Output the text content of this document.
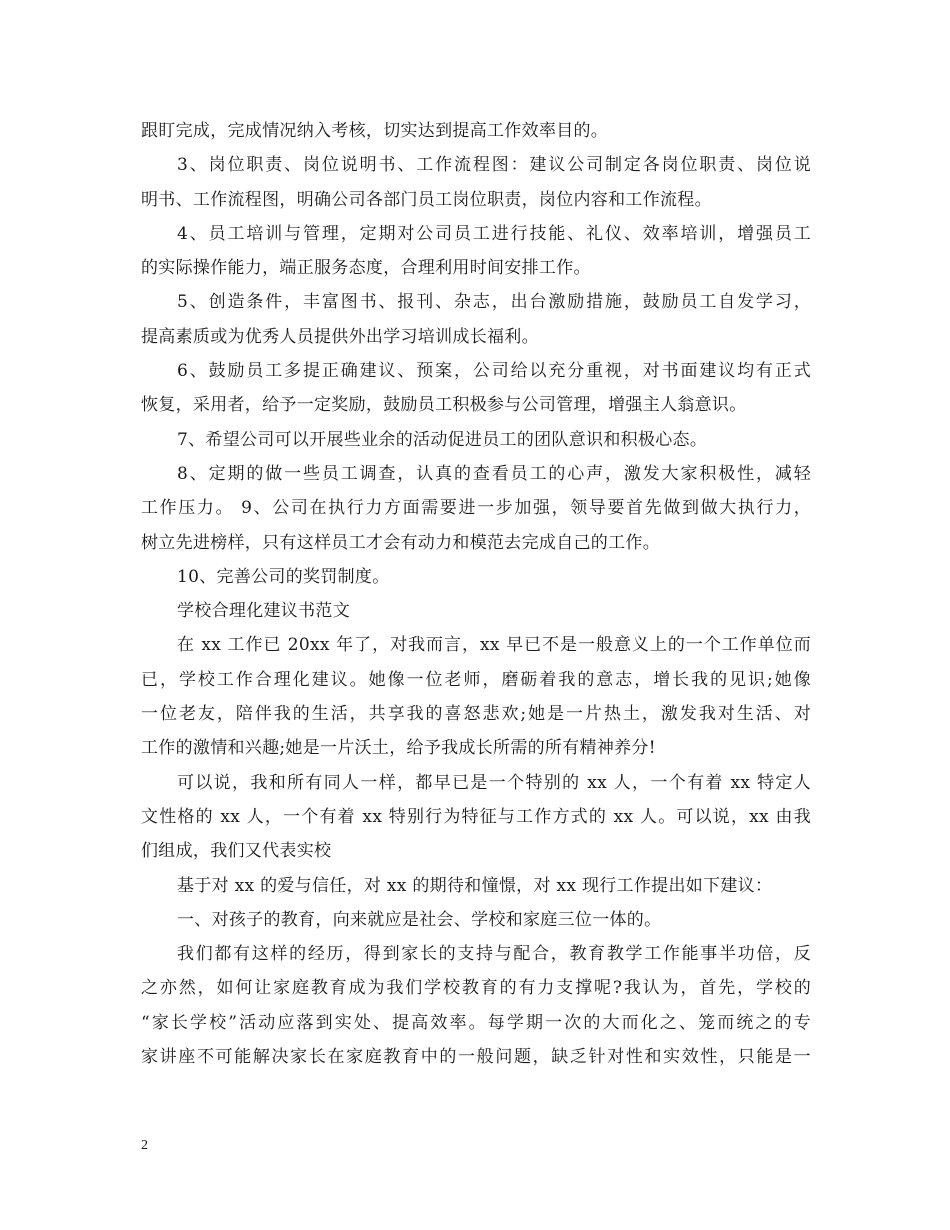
跟盯完成，完成情况纳入考核，切实达到提高工作效率目的。
3、岗位职责、岗位说明书、工作流程图：建议公司制定各岗位职责、岗位说
明书、工作流程图，明确公司各部门员工岗位职责，岗位内容和工作流程。
4、员工培训与管理，定期对公司员工进行技能、礼仪、效率培训，增强员工
的实际操作能力，端正服务态度，合理利用时间安排工作。
5、创造条件，丰富图书、报刊、杂志，出台激励措施，鼓励员工自发学习，
提高素质或为优秀人员提供外出学习培训成长福利。
6、鼓励员工多提正确建议、预案，公司给以充分重视，对书面建议均有正式
恢复，采用者，给予一定奖励，鼓励员工积极参与公司管理，增强主人翁意识。
7、希望公司可以开展些业余的活动促进员工的团队意识和积极心态。
8、定期的做一些员工调查，认真的查看员工的心声，激发大家积极性，减轻
工作压力。 9、公司在执行力方面需要进一步加强，领导要首先做到做大执行力，
树立先进榜样，只有这样员工才会有动力和模范去完成自己的工作。
10、完善公司的奖罚制度。
学校合理化建议书范文
在 xx 工作已 20xx 年了，对我而言，xx 早已不是一般意义上的一个工作单位而
已，学校工作合理化建议。她像一位老师，磨砺着我的意志，增长我的见识;她像
一位老友，陪伴我的生活，共享我的喜怒悲欢;她是一片热土，激发我对生活、对
工作的激情和兴趣;她是一片沃土，给予我成长所需的所有精神养分!
可以说，我和所有同人一样，都早已是一个特别的 xx 人，一个有着 xx 特定人
文性格的 xx 人，一个有着 xx 特别行为特征与工作方式的 xx 人。可以说，xx 由我
们组成，我们又代表实校
基于对 xx 的爱与信任，对 xx 的期待和憧憬，对 xx 现行工作提出如下建议：
一、对孩子的教育，向来就应是社会、学校和家庭三位一体的。
我们都有这样的经历，得到家长的支持与配合，教育教学工作能事半功倍，反
之亦然，如何让家庭教育成为我们学校教育的有力支撑呢?我认为，首先，学校的
“家长学校”活动应落到实处、提高效率。每学期一次的大而化之、笼而统之的专
家讲座不可能解决家长在家庭教育中的一般问题，缺乏针对性和实效性，只能是一
2
